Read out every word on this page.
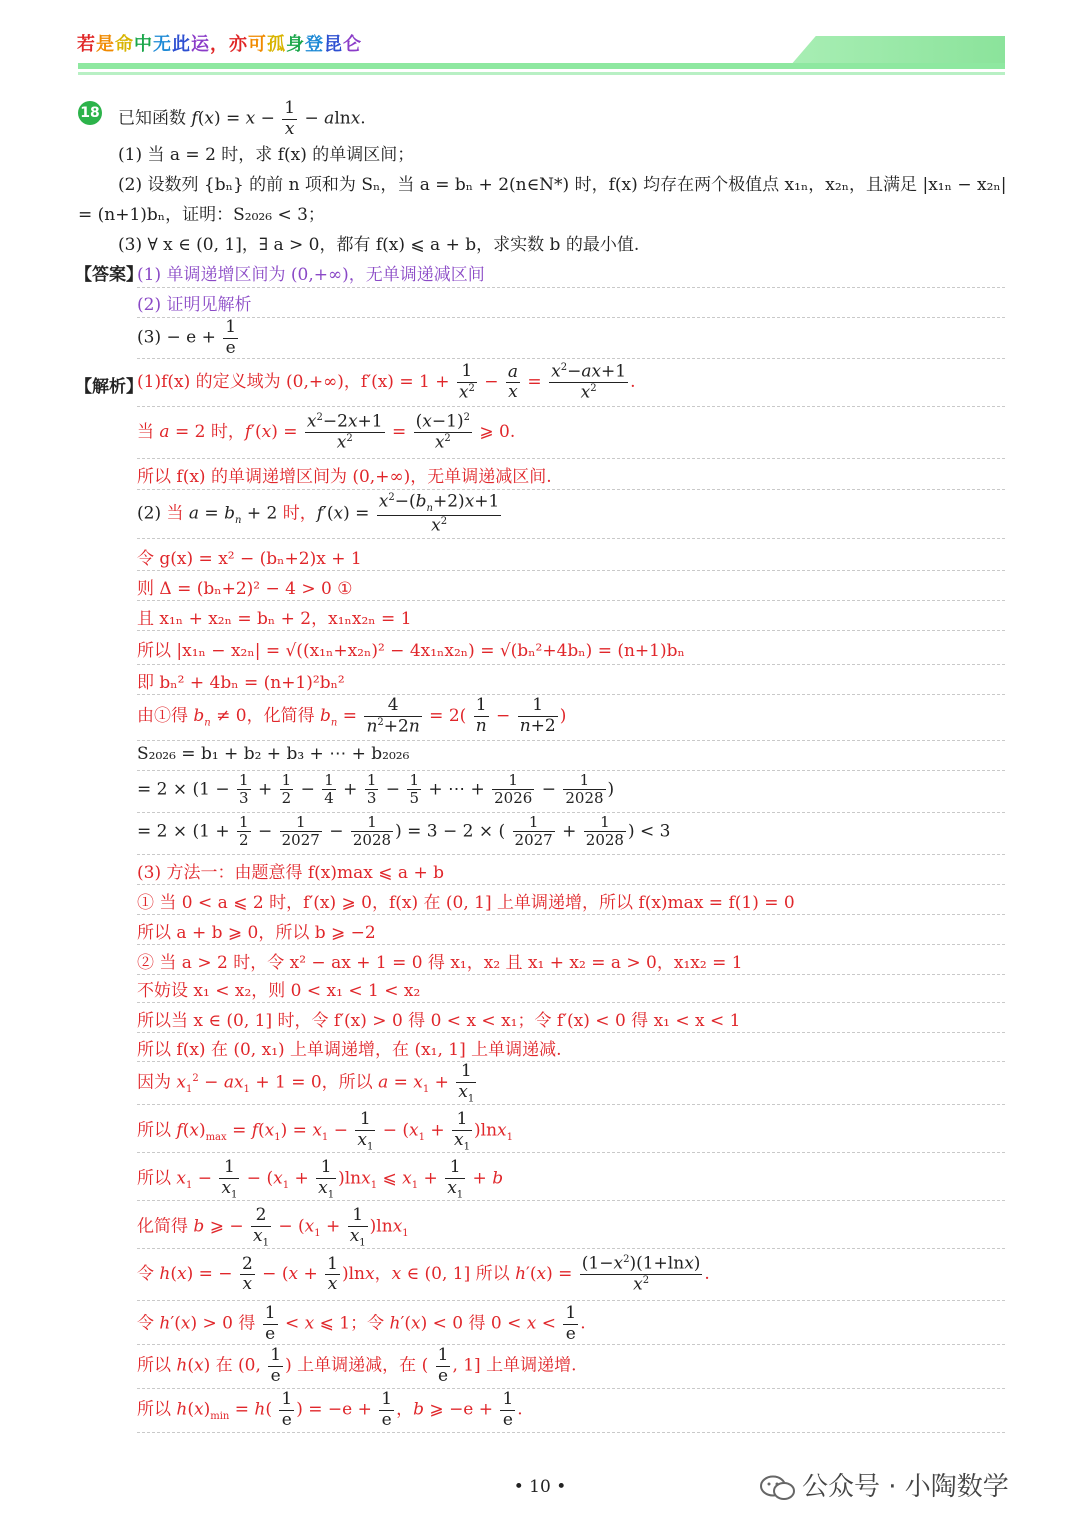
若是命中无此运，亦可孤身登昆仑
18 已知函数 $f(x) = x - \frac{1}{x} - alnx$.
(1) 当 a = 2 时，求 f(x) 的单调区间；
(2) 设数列 {bₙ} 的前 n 项和为 Sₙ，当 a = bₙ + 2(n∈N*) 时，f(x) 均存在两个极值点 x₁ₙ，x₂ₙ，且满足 |x₁ₙ − x₂ₙ|
= (n+1)bₙ，证明：S₂₀₂₆ < 3；
(3) ∀ x ∈ (0, 1]，∃ a > 0，都有 f(x) ⩽ a + b，求实数 b 的最小值.
【答案】
(1) 单调递增区间为 (0,+∞)，无单调递减区间
(2) 证明见解析
$(3) - e + \frac{1}{e}$
【解析】
(1)f(x) 的定义域为 (0,+∞)，$f'(x) = 1 + \frac{1}{x^2} - \frac{a}{x} = \frac{x^2-ax+1}{x^2}$ .
当 a = 2 时，$f'(x) = \frac{x^2-2x+1}{x^2} = \frac{(x-1)^2}{x^2}$ ⩾ 0.
所以 f(x) 的单调递增区间为 (0,+∞)，无单调递减区间.
(2) 当 $a = b_n + 2$ 时，$f'(x) = \frac{x^2-(b_n+2)x+1}{x^2}$
令 g(x) = x² − (bₙ+2)x + 1
则 Δ = (bₙ+2)² − 4 > 0 ①
且 x₁ₙ + x₂ₙ = bₙ + 2，x₁ₙx₂ₙ = 1
所以 |x₁ₙ − x₂ₙ| = √((x₁ₙ+x₂ₙ)² − 4x₁ₙx₂ₙ) = √(bₙ²+4bₙ) = (n+1)bₙ
即 bₙ² + 4bₙ = (n+1)²bₙ²
由①得 $b_n \ne 0$，化简得 $b_n = \frac{4}{n^2+2n} = 2( \frac{1}{n} - \frac{1}{n+2}$ )
S₂₀₂₆ = b₁ + b₂ + b₃ + ⋯ + b₂₀₂₆
= $2 \times (1 - \frac{1}{3} + \frac{1}{2} - \frac{1}{4} + \frac{1}{3} - \frac{1}{5}$ + ⋯ + $\frac{1}{2026} - \frac{1}{2028}$ )
= $2 \times (1 + \frac{1}{2} - \frac{1}{2027} - \frac{1}{2028}$ ) = 3 − 2 × ( $\frac{1}{2027} + \frac{1}{2028}$ ) < 3
(3) 方法一：由题意得 f(x)max ⩽ a + b
① 当 0 < a ⩽ 2 时，f′(x) ⩾ 0，f(x) 在 (0, 1] 上单调递增，所以 f(x)max = f(1) = 0
所以 a + b ⩾ 0，所以 b ⩾ −2
② 当 a > 2 时，令 x² − ax + 1 = 0 得 x₁，x₂ 且 x₁ + x₂ = a > 0，x₁x₂ = 1
不妨设 x₁ < x₂，则 0 < x₁ < 1 < x₂
所以当 x ∈ (0, 1] 时，令 f′(x) > 0 得 0 < x < x₁；令 f′(x) < 0 得 x₁ < x < 1
所以 f(x) 在 (0, x₁) 上单调递增，在 (x₁, 1] 上单调递减.
因为 $x_1^2 - ax_1 + 1 = 0$，所以 $a = x_1 + \frac{1}{x_1}$
所以 $f(x)_{max} = f(x_1) = x_1 - \frac{1}{x_1} - (x_1 + \frac{1}{x_1} )\ln x_1$
所以 $x_1 - \frac{1}{x_1} - (x_1 + \frac{1}{x_1} )\ln x_1$ ⩽ $x_1 + \frac{1}{x_1} + b$
化简得 b ⩾ − $\frac{2}{x_1} - (x_1 + \frac{1}{x_1} )\ln x_1$
令 h(x) = − $\frac{2}{x} - (x + \frac{1}{x} )\ln x$，x ∈ (0, 1] 所以 $h'(x) = \frac{(1-x^2)(1+\ln x)}{x^2}$ .
令 h′(x) > 0 得 $\frac{1}{e} < x$ ⩽ 1；令 h′(x) < 0 得 $0 < x < \frac{1}{e}$ .
所以 h(x) 在 (0, $\frac{1}{e}$ ) 上单调递减，在 ( $\frac{1}{e}$ , 1] 上单调递增.
所以 $h(x)_{min} = h( \frac{1}{e}$ ) = $-e + \frac{1}{e}$ ，b ⩾ $-e + \frac{1}{e}$ .
• 10 •	公众号 · 小陶数学
